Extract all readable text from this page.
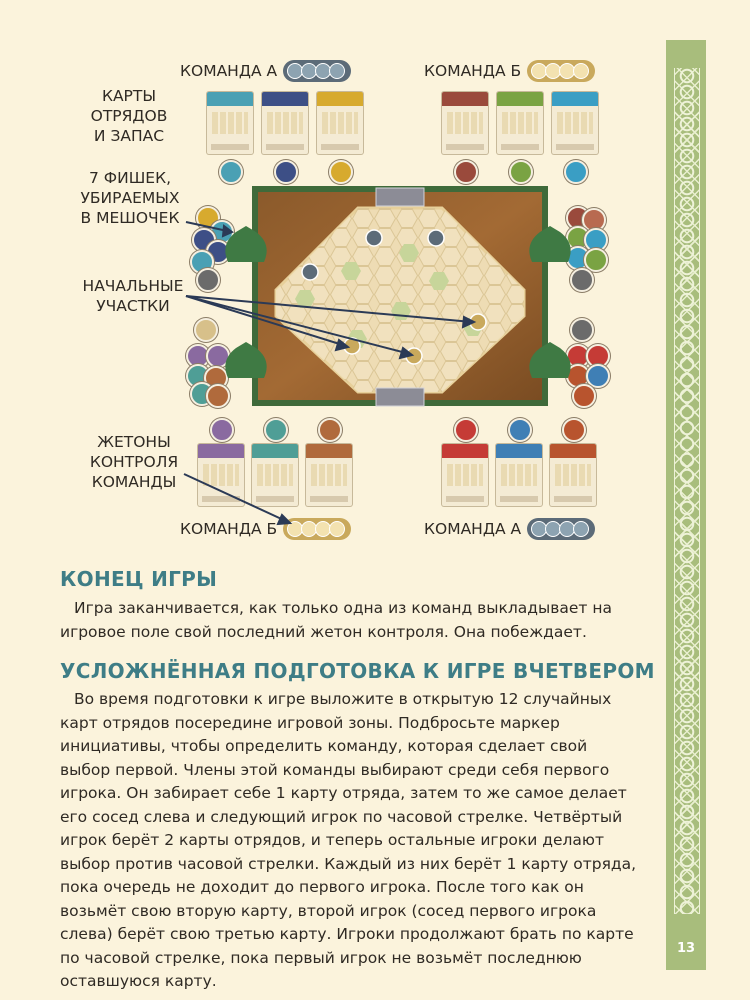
КОМАНДА А	КОМАНДА Б
КОМАНДА Б	КОМАНДА А
КАРТЫ
ОТРЯДОВ
И ЗАПАС
7 ФИШЕК,
УБИРАЕМЫХ
В МЕШОЧЕК
НАЧАЛЬНЫЕ
УЧАСТКИ
ЖЕТОНЫ
КОНТРОЛЯ
КОМАНДЫ
КОНЕЦ ИГРЫ

Игра заканчивается, как только одна из команд выкладывает на игровое поле свой последний жетон контроля. Она побеждает.

УСЛОЖНЁННАЯ ПОДГОТОВКА К ИГРЕ ВЧЕТВЕРОМ

Во время подготовки к игре выложите в открытую 12 случайных карт отрядов посередине игровой зоны. Подбросьте маркер инициативы, чтобы определить команду, которая сделает свой выбор первой. Члены этой команды выбирают среди себя первого игрока. Он забирает себе 1 карту отряда, затем то же самое делает его сосед слева и следующий игрок по часовой стрелке. Четвёртый игрок берёт 2 карты отрядов, и теперь остальные игроки делают выбор против часовой стрелки. Каждый из них берёт 1 карту отряда, пока очередь не доходит до первого игрока. После того как он возьмёт свою вторую карту, второй игрок (сосед первого игрока слева) берёт свою третью карту. Игроки продолжают брать по карте по часовой стрелке, пока первый игрок не возьмёт последнюю оставшуюся карту.

13
